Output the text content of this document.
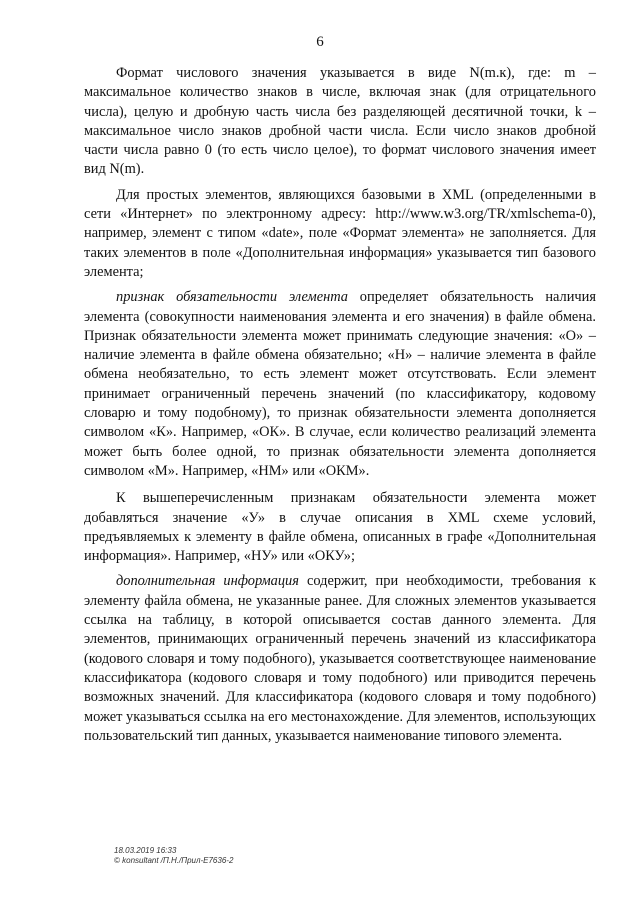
6

Формат числового значения указывается в виде N(m.к), где: m – максимальное количество знаков в числе, включая знак (для отрицательного числа), целую и дробную часть числа без разделяющей десятичной точки, k – максимальное число знаков дробной части числа. Если число знаков дробной части числа равно 0 (то есть число целое), то формат числового значения имеет вид N(m).

Для простых элементов, являющихся базовыми в XML (определенными в сети «Интернет» по электронному адресу: http://www.w3.org/TR/xmlschema-0), например, элемент с типом «date», поле «Формат элемента» не заполняется. Для таких элементов в поле «Дополнительная информация» указывается тип базового элемента;

признак обязательности элемента определяет обязательность наличия элемента (совокупности наименования элемента и его значения) в файле обмена. Признак обязательности элемента может принимать следующие значения: «О» – наличие элемента в файле обмена обязательно; «Н» – наличие элемента в файле обмена необязательно, то есть элемент может отсутствовать. Если элемент принимает ограниченный перечень значений (по классификатору, кодовому словарю и тому подобному), то признак обязательности элемента дополняется символом «К». Например, «ОК». В случае, если количество реализаций элемента может быть более одной, то признак обязательности элемента дополняется символом «М». Например, «НМ» или «ОКМ».

К вышеперечисленным признакам обязательности элемента может добавляться значение «У» в случае описания в XML схеме условий, предъявляемых к элементу в файле обмена, описанных в графе «Дополнительная информация». Например, «НУ» или «ОКУ»;

дополнительная информация содержит, при необходимости, требования к элементу файла обмена, не указанные ранее. Для сложных элементов указывается ссылка на таблицу, в которой описывается состав данного элемента. Для элементов, принимающих ограниченный перечень значений из классификатора (кодового словаря и тому подобного), указывается соответствующее наименование классификатора (кодового словаря и тому подобного) или приводится перечень возможных значений. Для классификатора (кодового словаря и тому подобного) может указываться ссылка на его местонахождение. Для элементов, использующих пользовательский тип данных, указывается наименование типового элемента.

18.03.2019 16:33
© konsultant /П.Н./Прил-Е7636-2
